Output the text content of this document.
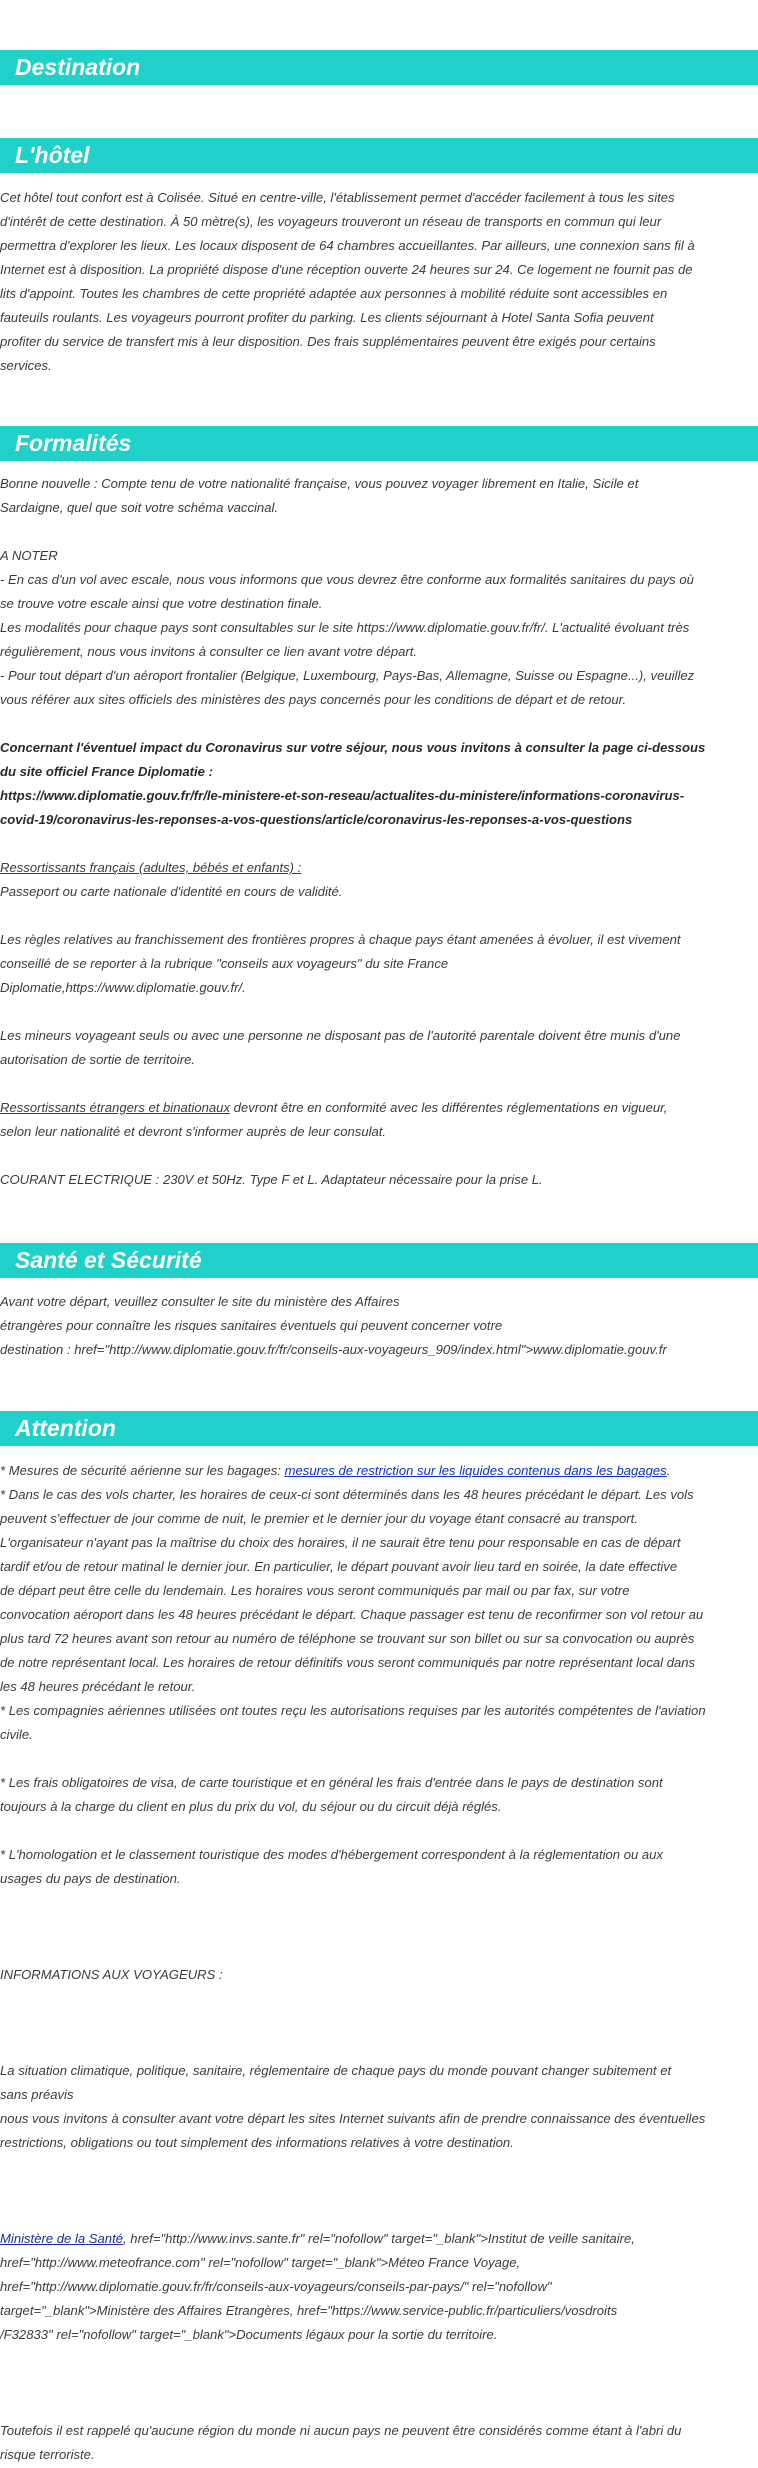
Destination
L'hôtel
Cet hôtel tout confort est à Colisée. Situé en centre-ville, l'établissement permet d'accéder facilement à tous les sites
d'intérêt de cette destination. À 50 mètre(s), les voyageurs trouveront un réseau de transports en commun qui leur
permettra d'explorer les lieux. Les locaux disposent de 64 chambres accueillantes. Par ailleurs, une connexion sans fil à
Internet est à disposition. La propriété dispose d'une réception ouverte 24 heures sur 24. Ce logement ne fournit pas de
lits d'appoint. Toutes les chambres de cette propriété adaptée aux personnes à mobilité réduite sont accessibles en
fauteuils roulants. Les voyageurs pourront profiter du parking. Les clients séjournant à Hotel Santa Sofia peuvent
profiter du service de transfert mis à leur disposition. Des frais supplémentaires peuvent être exigés pour certains
services.
Formalités
Bonne nouvelle : Compte tenu de votre nationalité française, vous pouvez voyager librement en Italie, Sicile et
Sardaigne, quel que soit votre schéma vaccinal.
A NOTER
- En cas d'un vol avec escale, nous vous informons que vous devrez être conforme aux formalités sanitaires du pays où
se trouve votre escale ainsi que votre destination finale.
Les modalités pour chaque pays sont consultables sur le site https://www.diplomatie.gouv.fr/fr/. L'actualité évoluant très
régulièrement, nous vous invitons à consulter ce lien avant votre départ.
- Pour tout départ d'un aéroport frontalier (Belgique, Luxembourg, Pays-Bas, Allemagne, Suisse ou Espagne...), veuillez
vous référer aux sites officiels des ministères des pays concernés pour les conditions de départ et de retour.
Concernant l'éventuel impact du Coronavirus sur votre séjour, nous vous invitons à consulter la page ci-dessous
du site officiel France Diplomatie :
https://www.diplomatie.gouv.fr/fr/le-ministere-et-son-reseau/actualites-du-ministere/informations-coronavirus-
covid-19/coronavirus-les-reponses-a-vos-questions/article/coronavirus-les-reponses-a-vos-questions
Ressortissants français (adultes, bébés et enfants) :
Passeport ou carte nationale d'identité en cours de validité.
Les règles relatives au franchissement des frontières propres à chaque pays étant amenées à évoluer, il est vivement
conseillé de se reporter à la rubrique "conseils aux voyageurs" du site France
Diplomatie,https://www.diplomatie.gouv.fr/.
Les mineurs voyageant seuls ou avec une personne ne disposant pas de l'autorité parentale doivent être munis d'une
autorisation de sortie de territoire.
Ressortissants étrangers et binationaux devront être en conformité avec les différentes réglementations en vigueur,
selon leur nationalité et devront s'informer auprès de leur consulat.
COURANT ELECTRIQUE : 230V et 50Hz. Type F et L. Adaptateur nécessaire pour la prise L.
Santé et Sécurité
Avant votre départ, veuillez consulter le site du ministère des Affaires
étrangères pour connaître les risques sanitaires éventuels qui peuvent concerner votre
destination : href="http://www.diplomatie.gouv.fr/fr/conseils-aux-voyageurs_909/index.html">www.diplomatie.gouv.fr
Attention
* Mesures de sécurité aérienne sur les bagages: mesures de restriction sur les liquides contenus dans les bagages.
* Dans le cas des vols charter, les horaires de ceux-ci sont déterminés dans les 48 heures précédant le départ. Les vols
peuvent s'effectuer de jour comme de nuit, le premier et le dernier jour du voyage étant consacré au transport.
L'organisateur n'ayant pas la maîtrise du choix des horaires, il ne saurait être tenu pour responsable en cas de départ
tardif et/ou de retour matinal le dernier jour. En particulier, le départ pouvant avoir lieu tard en soirée, la date effective
de départ peut être celle du lendemain. Les horaires vous seront communiqués par mail ou par fax, sur votre
convocation aéroport dans les 48 heures précédant le départ. Chaque passager est tenu de reconfirmer son vol retour au
plus tard 72 heures avant son retour au numéro de téléphone se trouvant sur son billet ou sur sa convocation ou auprès
de notre représentant local. Les horaires de retour définitifs vous seront communiqués par notre représentant local dans
les 48 heures précédant le retour.
* Les compagnies aériennes utilisées ont toutes reçu les autorisations requises par les autorités compétentes de l'aviation
civile.
* Les frais obligatoires de visa, de carte touristique et en général les frais d'entrée dans le pays de destination sont
toujours à la charge du client en plus du prix du vol, du séjour ou du circuit déjà réglés.
* L'homologation et le classement touristique des modes d'hébergement correspondent à la réglementation ou aux
usages du pays de destination.
INFORMATIONS AUX VOYAGEURS :
La situation climatique, politique, sanitaire, réglementaire de chaque pays du monde pouvant changer subitement et
sans préavis
nous vous invitons à consulter avant votre départ les sites Internet suivants afin de prendre connaissance des éventuelles
restrictions, obligations ou tout simplement des informations relatives à votre destination.
Ministère de la Santé, href="http://www.invs.sante.fr" rel="nofollow" target="_blank">Institut de veille sanitaire,
href="http://www.meteofrance.com" rel="nofollow" target="_blank">Méteo France Voyage,
href="http://www.diplomatie.gouv.fr/fr/conseils-aux-voyageurs/conseils-par-pays/" rel="nofollow"
target="_blank">Ministère des Affaires Etrangères, href="https://www.service-public.fr/particuliers/vosdroits
/F32833" rel="nofollow" target="_blank">Documents légaux pour la sortie du territoire.
Toutefois il est rappelé qu'aucune région du monde ni aucun pays ne peuvent être considérés comme étant à l'abri du
risque terroriste.
